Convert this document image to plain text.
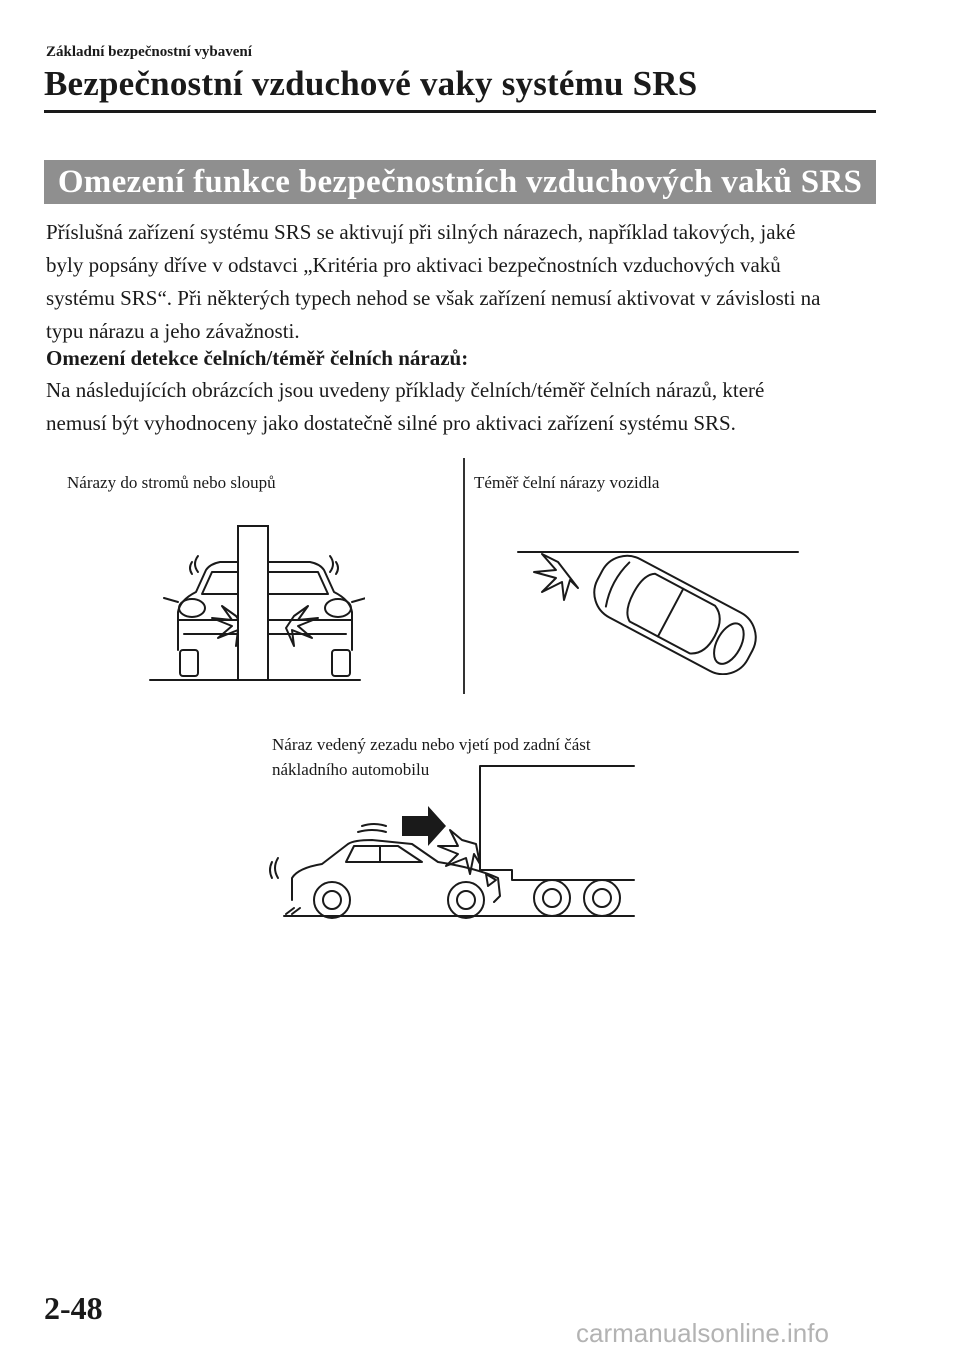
Základní bezpečnostní vybavení
Bezpečnostní vzduchové vaky systému SRS
Omezení funkce bezpečnostních vzduchových vaků SRS
Příslušná zařízení systému SRS se aktivují při silných nárazech, například takových, jaké
byly popsány dříve v odstavci „Kritéria pro aktivaci bezpečnostních vzduchových vaků
systému SRS“. Při některých typech nehod se však zařízení nemusí aktivovat v závislosti na
typu nárazu a jeho závažnosti.
Omezení detekce čelních/téměř čelních nárazů:
Na následujících obrázcích jsou uvedeny příklady čelních/téměř čelních nárazů, které
nemusí být vyhodnoceny jako dostatečně silné pro aktivaci zařízení systému SRS.
Nárazy do stromů nebo sloupů	Téměř čelní nárazy vozidla
Náraz vedený zezadu nebo vjetí pod zadní část
nákladního automobilu
2-48
carmanualsonline.info
